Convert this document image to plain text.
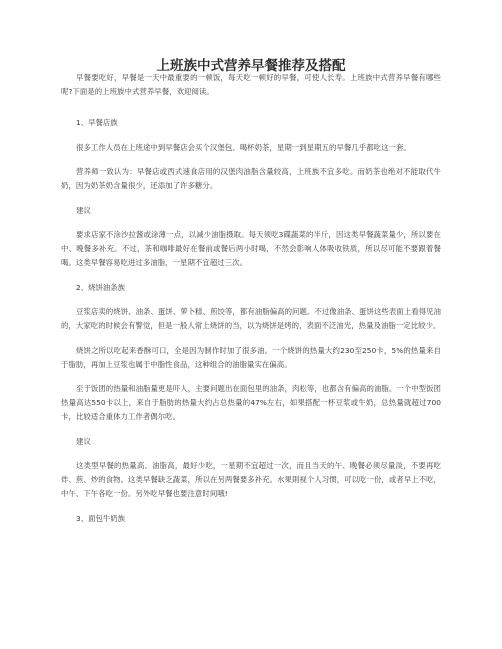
上班族中式营养早餐推荐及搭配

早餐要吃好，早餐是一天中最重要的一顿饭，每天吃一顿好的早餐，可使人长寿。上班族中式营养早餐有哪些呢?下面是的上班族中式营养早餐，欢迎阅读。

1、早餐店族

很多工作人员在上班途中到早餐店会买个汉堡包、喝杯奶茶，星期一到星期五的早餐几乎都吃这一套。

营养师一致认为：早餐店或西式速食店用的汉堡肉油脂含量较高，上班族不宜多吃。而奶茶也绝对不能取代牛奶，因为奶茶奶含量很少，还添加了许多糖分。

建议

要求店家不涂沙拉酱或涂薄一点，以减少油脂摄取。每天须吃3碟蔬菜的半斤，因这类早餐蔬菜量少，所以要在中、晚餐多补充。不过，茶和咖啡最好在餐前或餐后两小时喝，不然会影响人体吸收铁质，所以尽可能不要跟着餐喝。这类早餐容易吃进过多油脂，一星期不宜超过三次。

2、烧饼油条族

豆浆店卖的烧饼、油条、蛋饼、萝卜糕、煎饺等，都有油脂偏高的问题。不过像油条、蛋饼这些表面上看得见油的，大家吃的时候会有警觉，但是一般人常上烧饼的当，以为烧饼是烤的，表面不泛油光，热量及油脂一定比较少。

烧饼之所以吃起来香酥可口，全是因为制作时加了很多油。一个烧饼的热量大约230至250卡，5%的热量来自于脂肪，再加上豆浆也属于中脂性食品，这种组合的油脂量实在偏高。

至于饭团的热量和油脂量更是吓人，主要问题出在面包里的油条，肉松等，也都含有偏高的油脂。一个中型饭团热量高达550卡以上，来自于脂肪的热量大约占总热量的47%左右，如果搭配一杯豆浆或牛奶，总热量就超过700卡，比较适合重体力工作者偶尔吃。

建议

这类型早餐的热量高、油脂高，最好少吃，一星期不宜超过一次，而且当天的午、晚餐必须尽量淡，不要再吃炸、煎、炒的食物。这类早餐缺乏蔬菜，所以在另两餐要多补充。水果則视个人习惯，可以吃一份，或者早上不吃，中午、下午各吃一份。另外吃早餐也要注意时间哦!

3、面包牛奶族
